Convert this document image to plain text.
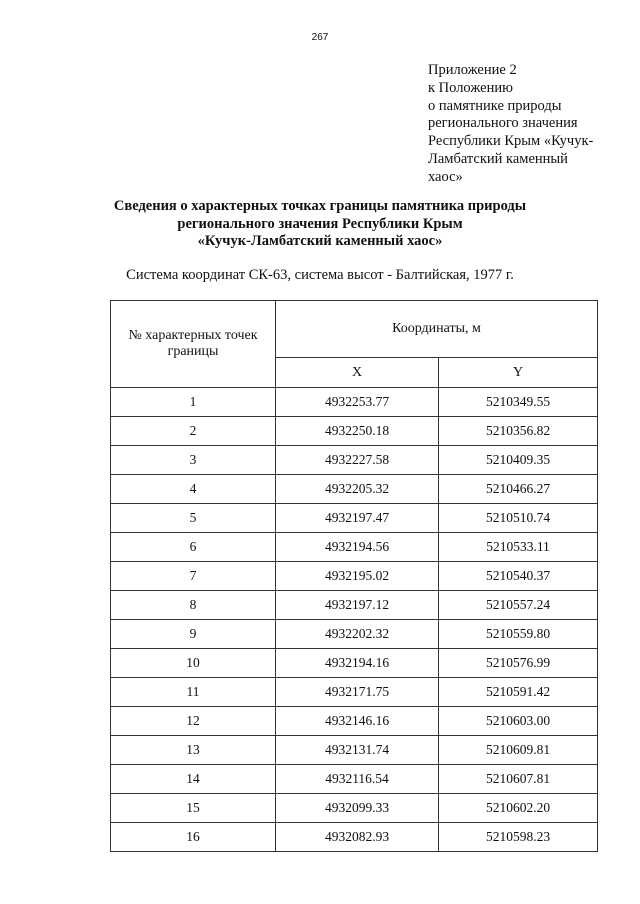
267
Приложение 2
к Положению
о памятнике природы
регионального значения
Республики Крым «Кучук-
Ламбатский каменный
хаос»
Сведения о характерных точках границы памятника природы
регионального значения Республики Крым
«Кучук-Ламбатский каменный хаос»
Система координат СК-63, система высот - Балтийская, 1977 г.
№ характерных точек границы	Координаты, м	
	X	Y
1	4932253.77	5210349.55
2	4932250.18	5210356.82
3	4932227.58	5210409.35
4	4932205.32	5210466.27
5	4932197.47	5210510.74
6	4932194.56	5210533.11
7	4932195.02	5210540.37
8	4932197.12	5210557.24
9	4932202.32	5210559.80
10	4932194.16	5210576.99
11	4932171.75	5210591.42
12	4932146.16	5210603.00
13	4932131.74	5210609.81
14	4932116.54	5210607.81
15	4932099.33	5210602.20
16	4932082.93	5210598.23
